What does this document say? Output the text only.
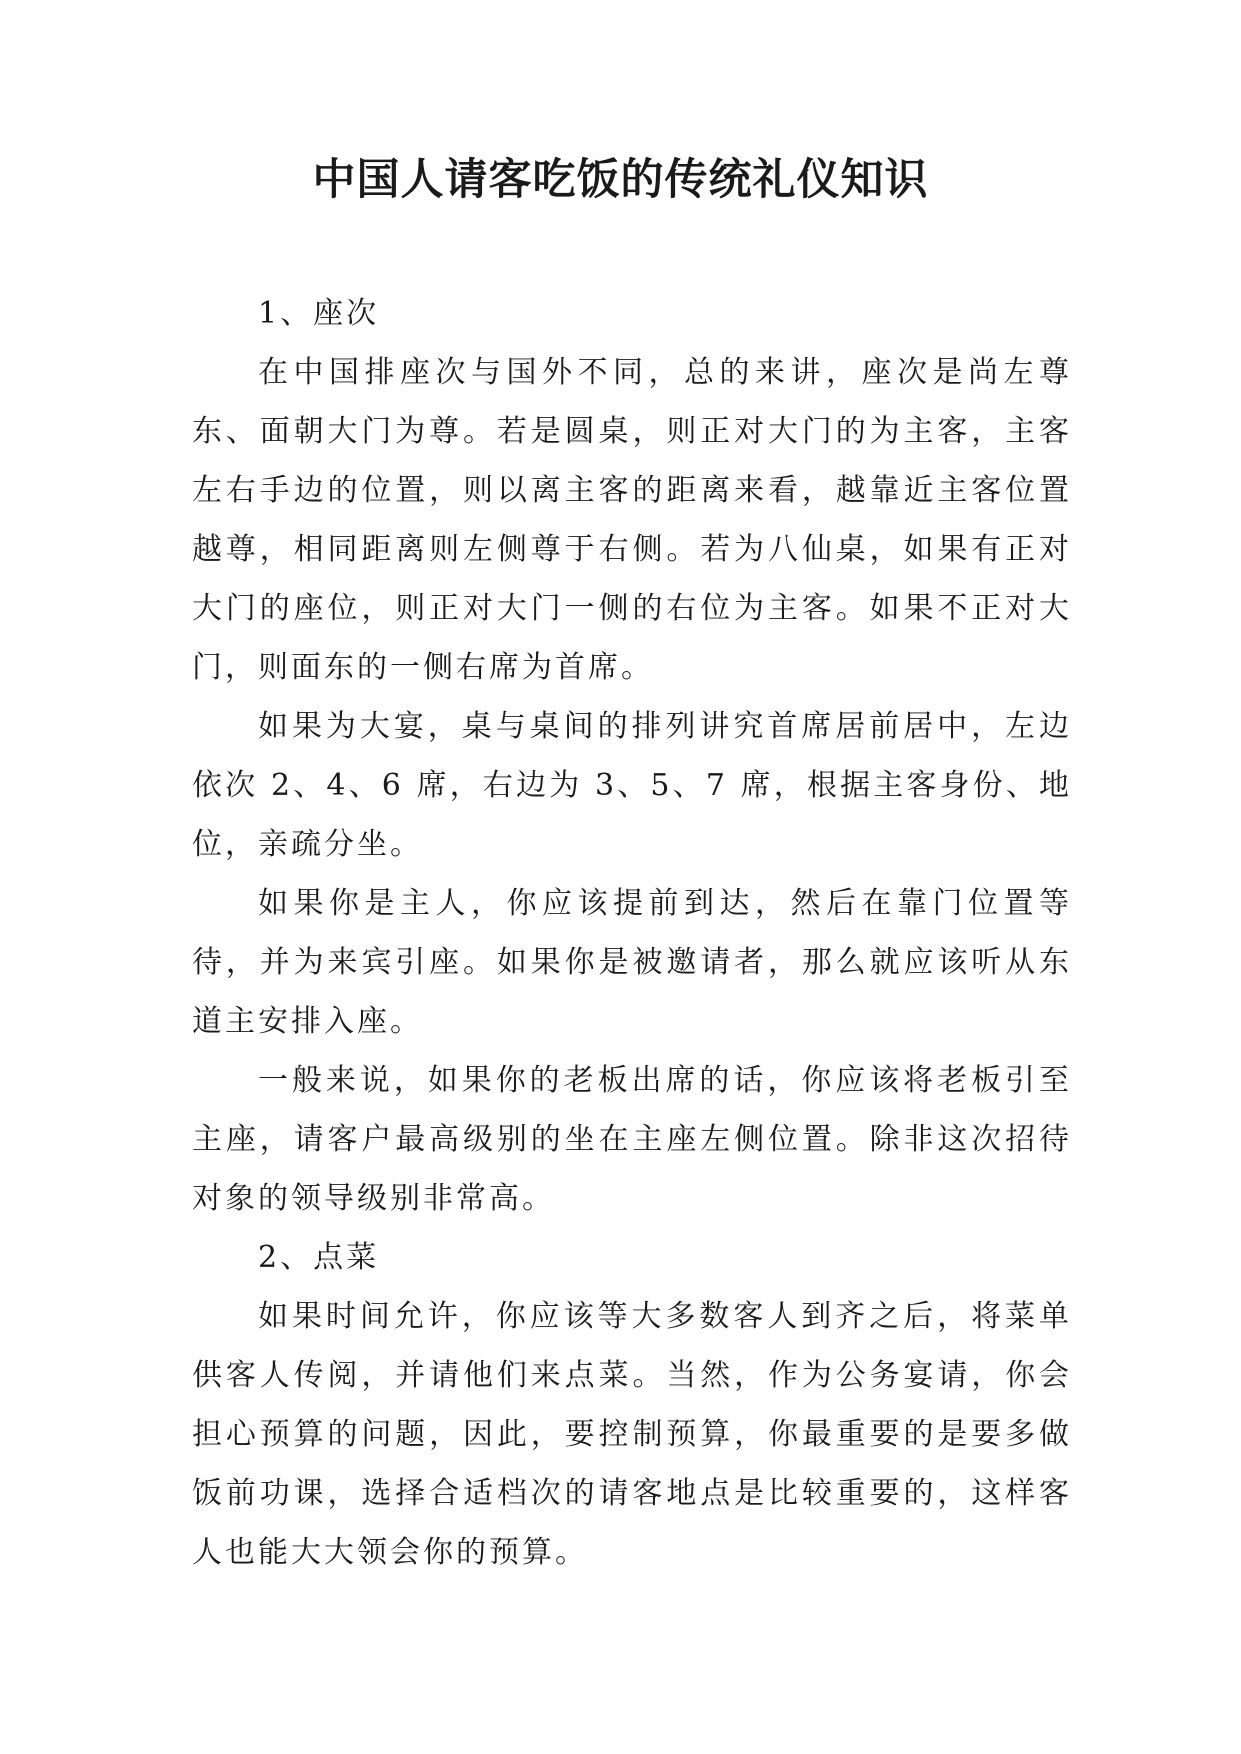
中国人请客吃饭的传统礼仪知识

1、座次

在中国排座次与国外不同，总的来讲，座次是尚左尊东、面朝大门为尊。若是圆桌，则正对大门的为主客，主客左右手边的位置，则以离主客的距离来看，越靠近主客位置越尊，相同距离则左侧尊于右侧。若为八仙桌，如果有正对大门的座位，则正对大门一侧的右位为主客。如果不正对大门，则面东的一侧右席为首席。

如果为大宴，桌与桌间的排列讲究首席居前居中，左边依次 2、4、6 席，右边为 3、5、7 席，根据主客身份、地位，亲疏分坐。

如果你是主人，你应该提前到达，然后在靠门位置等待，并为来宾引座。如果你是被邀请者，那么就应该听从东道主安排入座。

一般来说，如果你的老板出席的话，你应该将老板引至主座，请客户最高级别的坐在主座左侧位置。除非这次招待对象的领导级别非常高。

2、点菜

如果时间允许，你应该等大多数客人到齐之后，将菜单供客人传阅，并请他们来点菜。当然，作为公务宴请，你会担心预算的问题，因此，要控制预算，你最重要的是要多做饭前功课，选择合适档次的请客地点是比较重要的，这样客人也能大大领会你的预算。
